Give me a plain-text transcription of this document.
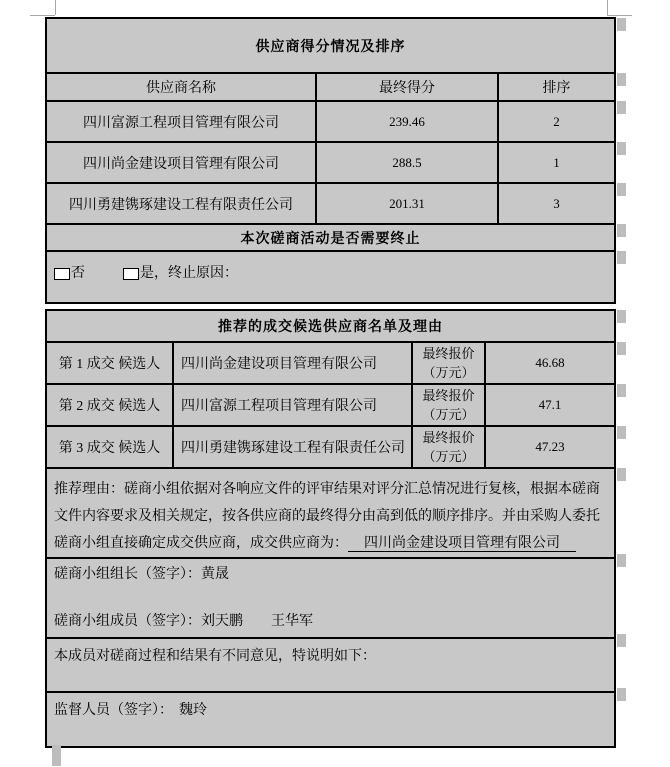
供应商得分情况及排序		
供应商名称	最终得分	排序
四川富源工程项目管理有限公司	239.46	2
四川尚金建设项目管理有限公司	288.5	1
四川勇建镌琢建设工程有限责任公司	201.31	3
本次磋商活动是否需要终止		
否 是，终止原因：		
推荐的成交候选供应商名单及理由			
第 1 成交 候选人	四川尚金建设项目管理有限公司	最终报价
（万元）	46.68
第 2 成交 候选人	四川富源工程项目管理有限公司	最终报价
（万元）	47.1
第 3 成交 候选人	四川勇建镌琢建设工程有限责任公司	最终报价
（万元）	47.23
推荐理由：磋商小组依据对各响应文件的评审结果对评分汇总情况进行复核，根据本磋商文件内容要求及相关规定，按各供应商的最终得分由高到低的顺序排序。并由采购人委托磋商小组直接确定成交供应商，成交供应商为： 四川尚金建设项目管理有限公司			

磋商小组组长（签字）：黄晟
磋商小组成员（签字）：刘天鹏 王华军			

本成员对磋商过程和结果有不同意见，特说明如下：			
监督人员（签字）： 魏玲			
